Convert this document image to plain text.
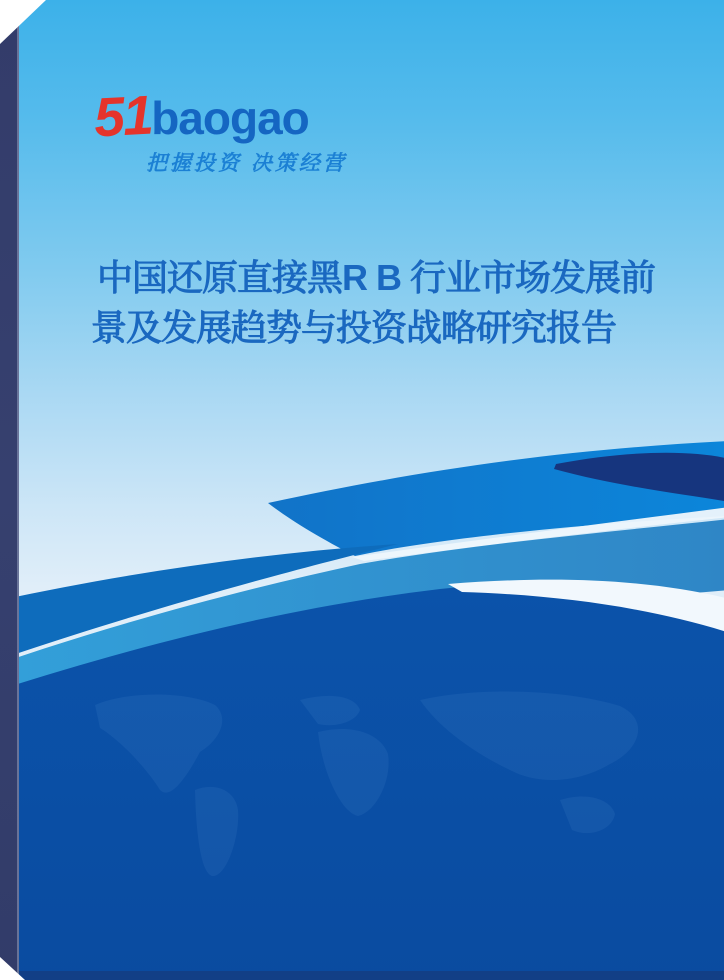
51
baogao
把握投资 决策经营
中国还原直接黑R B 行业市场发展前
景及发展趋势与投资战略研究报告
